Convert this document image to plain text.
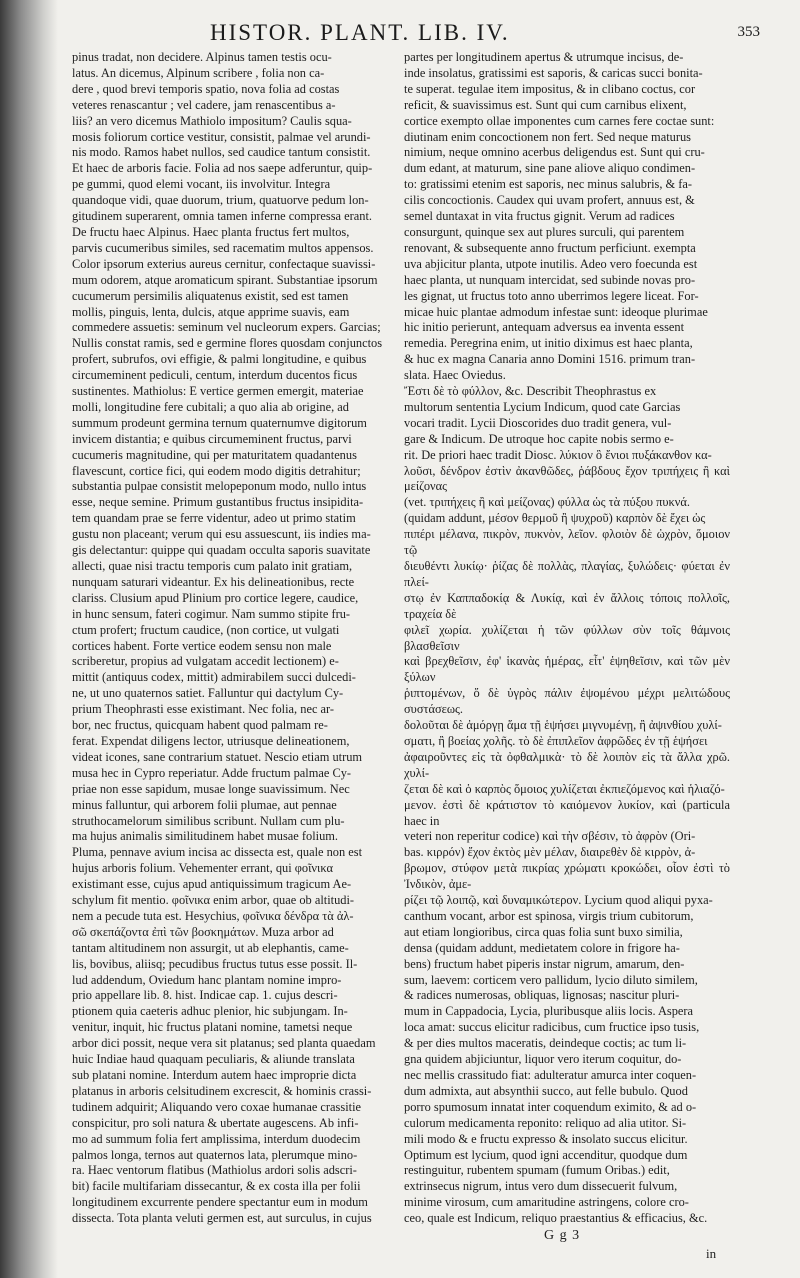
HISTOR. PLANT. LIB. IV.	353

pinus tradat, non decidere. Alpinus tamen testis ocu-

latus. An dicemus, Alpinum scribere , folia non ca-

dere , quod brevi temporis spatio, nova folia ad costas

veteres renascantur ; vel cadere, jam renascentibus a-

liis? an vero dicemus Mathiolo impositum? Caulis squa-

mosis foliorum cortice vestitur, consistit, palmae vel arundi-

nis modo. Ramos habet nullos, sed caudice tantum consistit.

Et haec de arboris facie. Folia ad nos saepe adferuntur, quip-

pe gummi, quod elemi vocant, iis involvitur. Integra

quandoque vidi, quae duorum, trium, quatuorve pedum lon-

gitudinem superarent, omnia tamen inferne compressa erant.

De fructu haec Alpinus. Haec planta fructus fert multos,

parvis cucumeribus similes, sed racematim multos appensos.

Color ipsorum exterius aureus cernitur, confectaque suavissi-

mum odorem, atque aromaticum spirant. Substantiae ipsorum

cucumerum persimilis aliquatenus existit, sed est tamen

mollis, pinguis, lenta, dulcis, atque apprime suavis, eam

commedere assuetis: seminum vel nucleorum expers. Garcias;

Nullis constat ramis, sed e germine flores quosdam conjunctos

profert, subrufos, ovi effigie, & palmi longitudine, e quibus

circumeminent pediculi, centum, interdum ducentos ficus

sustinentes. Mathiolus: E vertice germen emergit, materiae

molli, longitudine fere cubitali; a quo alia ab origine, ad

summum prodeunt germina ternum quaternumve digitorum

invicem distantia; e quibus circumeminent fructus, parvi

cucumeris magnitudine, qui per maturitatem quadantenus

flavescunt, cortice fici, qui eodem modo digitis detrahitur;

substantia pulpae consistit melopeponum modo, nullo intus

esse, neque semine. Primum gustantibus fructus insipidita-

tem quandam prae se ferre videntur, adeo ut primo statim

gustu non placeant; verum qui esu assuescunt, iis indies ma-

gis delectantur: quippe qui quadam occulta saporis suavitate

allecti, quae nisi tractu temporis cum palato init gratiam,

nunquam saturari videantur. Ex his delineationibus, recte

clariss. Clusium apud Plinium pro cortice legere, caudice,

in hunc sensum, fateri cogimur. Nam summo stipite fru-

ctum profert; fructum caudice, (non cortice, ut vulgati

cortices habent. Forte vertice eodem sensu non male

scriberetur, propius ad vulgatam accedit lectionem) e-

mittit (antiquus codex, mittit) admirabilem succi dulcedi-

ne, ut uno quaternos satiet. Falluntur qui dactylum Cy-

prium Theophrasti esse existimant. Nec folia, nec ar-

bor, nec fructus, quicquam habent quod palmam re-

ferat. Expendat diligens lector, utriusque delineationem,

videat icones, sane contrarium statuet. Nescio etiam utrum

musa hec in Cypro reperiatur. Adde fructum palmae Cy-

priae non esse sapidum, musae longe suavissimum. Nec

minus falluntur, qui arborem folii plumae, aut pennae

struthocamelorum similibus scribunt. Nullam cum plu-

ma hujus animalis similitudinem habet musae folium.

Pluma, pennave avium incisa ac dissecta est, quale non est

hujus arboris folium. Vehementer errant, qui φοῖνικα

existimant esse, cujus apud antiquissimum tragicum Ae-

schylum fit mentio. φοῖνικα enim arbor, quae ob altitudi-

nem a pecude tuta est. Hesychius, φοῖνικα δένδρα τὰ ἀλ-

σῶ σκεπάζοντα ἐπὶ τῶν βοσκημάτων. Muza arbor ad

tantam altitudinem non assurgit, ut ab elephantis, came-

lis, bovibus, aliisq; pecudibus fructus tutus esse possit. Il-

lud addendum, Oviedum hanc plantam nomine impro-

prio appellare lib. 8. hist. Indicae cap. 1. cujus descri-

ptionem quia caeteris adhuc plenior, hic subjungam. In-

venitur, inquit, hic fructus platani nomine, tametsi neque

arbor dici possit, neque vera sit platanus; sed planta quaedam

huic Indiae haud quaquam peculiaris, & aliunde translata

sub platani nomine. Interdum autem haec improprie dicta

platanus in arboris celsitudinem excrescit, & hominis crassi-

tudinem adquirit; Aliquando vero coxae humanae crassitie

conspicitur, pro soli natura & ubertate augescens. Ab infi-

mo ad summum folia fert amplissima, interdum duodecim

palmos longa, ternos aut quaternos lata, plerumque mino-

ra. Haec ventorum flatibus (Mathiolus ardori solis adscri-

bit) facile multifariam dissecantur, & ex costa illa per folii

longitudinem excurrente pendere spectantur eum in modum

dissecta. Tota planta veluti germen est, aut surculus, in cujus

partes per longitudinem apertus & utrumque incisus, de-

inde insolatus, gratissimi est saporis, & caricas succi bonita-

te superat. tegulae item impositus, & in clibano coctus, cor

reficit, & suavissimus est. Sunt qui cum carnibus elixent,

cortice exempto ollae imponentes cum carnes fere coctae sunt:

diutinam enim concoctionem non fert. Sed neque maturus

nimium, neque omnino acerbus deligendus est. Sunt qui cru-

dum edant, at maturum, sine pane aliove aliquo condimen-

to: gratissimi etenim est saporis, nec minus salubris, & fa-

cilis concoctionis. Caudex qui uvam profert, annuus est, &

semel duntaxat in vita fructus gignit. Verum ad radices

consurgunt, quinque sex aut plures surculi, qui parentem

renovant, & subsequente anno fructum perficiunt. exempta

uva abjicitur planta, utpote inutilis. Adeo vero foecunda est

haec planta, ut nunquam intercidat, sed subinde novas pro-

les gignat, ut fructus toto anno uberrimos legere liceat. For-

micae huic plantae admodum infestae sunt: ideoque plurimae

hic initio perierunt, antequam adversus ea inventa essent

remedia. Peregrina enim, ut initio diximus est haec planta,

& huc ex magna Canaria anno Domini 1516. primum tran-

slata. Haec Oviedus.

Ἔστι δὲ τὸ φύλλον, &c. Describit Theophrastus ex

multorum sententia Lycium Indicum, quod cate Garcias

vocari tradit. Lycii Dioscorides duo tradit genera, vul-

gare & Indicum. De utroque hoc capite nobis sermo e-

rit. De priori haec tradit Diosc. λύκιον ὃ ἔνιοι πυξάκανθον κα-

λοῦσι, δένδρον ἐστὶν ἀκανθῶδες, ῥάβδους ἔχον τριπήχεις ἢ καὶ μείζονας

(vet. τριπήχεις ἢ καὶ μείζονας) φύλλα ὡς τὰ πύξου πυκνά.

(quidam addunt, μέσον θερμοῦ ἢ ψυχροῦ) καρπὸν δὲ ἔχει ὡς

πιπέρι μέλανα, πικρὸν, πυκνὸν, λεῖον. φλοιὸν δὲ ὠχρὸν, ὅμοιον τῷ

διευθέντι λυκίῳ· ῥίζας δὲ πολλὰς, πλαγίας, ξυλώδεις· φύεται ἐν πλεί-

στῳ ἐν Καππαδοκίᾳ & Λυκίᾳ, καὶ ἐν ἄλλοις τόποις πολλοῖς, τραχεία δὲ

φιλεῖ χωρία. χυλίζεται ἡ τῶν φύλλων σὺν τοῖς θάμνοις βλασθεῖσιν

καὶ βρεχθεῖσιν, ἐφ' ἱκανὰς ἡμέρας, εἶτ' ἑψηθεῖσιν, καὶ τῶν μὲν ξύλων

ῥιπτομένων, ὅ δὲ ὑγρὸς πάλιν ἐψομένου μέχρι μελιτώδους συστάσεως.

δολοῦται δὲ ἀμόργῃ ἅμα τῇ ἑψήσει μιγνυμένῃ, ἢ ἀψινθίου χυλί-

σματι, ἢ βοείας χολῆς. τὸ δὲ ἐπιπλεῖον ἀφρῶδες ἐν τῇ ἑψήσει

ἀφαιροῦντες εἰς τὰ ὀφθαλμικὰ· τὸ δὲ λοιπὸν εἰς τὰ ἄλλα χρῶ. χυλί-

ζεται δὲ καὶ ὁ καρπὸς ὅμοιος χυλίζεται ἐκπιεζόμενος καὶ ἡλιαζό-

μενον. ἐστὶ δὲ κράτιστον τὸ καιόμενον λυκίον, καὶ (particula haec in

veteri non reperitur codice) καὶ τὴν σβέσιν, τὸ ἀφρὸν (Ori-

bas. κιρρόν) ἔχον ἐκτὸς μὲν μέλαν, διαιρεθὲν δὲ κιρρὸν, ἀ-

βρωμον, στύφον μετὰ πικρίας χρώματι κροκώδει, οἷον ἐστὶ τὸ Ἰνδικὸν, ἀμε-

ρίζει τῷ λοιπῷ, καὶ δυναμικώτερον. Lycium quod aliqui pyxa-

canthum vocant, arbor est spinosa, virgis trium cubitorum,

aut etiam longioribus, circa quas folia sunt buxo similia,

densa (quidam addunt, medietatem colore in frigore ha-

bens) fructum habet piperis instar nigrum, amarum, den-

sum, laevem: corticem vero pallidum, lycio diluto similem,

& radices numerosas, obliquas, lignosas; nascitur pluri-

mum in Cappadocia, Lycia, pluribusque aliis locis. Aspera

loca amat: succus elicitur radicibus, cum fructice ipso tusis,

& per dies multos maceratis, deindeque coctis; ac tum li-

gna quidem abjiciuntur, liquor vero iterum coquitur, do-

nec mellis crassitudo fiat: adulteratur amurca inter coquen-

dum admixta, aut absynthii succo, aut felle bubulo. Quod

porro spumosum innatat inter coquendum eximito, & ad o-

culorum medicamenta reponito: reliquo ad alia utitor. Si-

mili modo & e fructu expresso & insolato succus elicitur.

Optimum est lycium, quod igni accenditur, quodque dum

restinguitur, rubentem spumam (fumum Oribas.) edit,

extrinsecus nigrum, intus vero dum dissecuerit fulvum,

minime virosum, cum amaritudine astringens, colore cro-

ceo, quale est Indicum, reliquo praestantius & efficacius, &c.

G g 3
in
